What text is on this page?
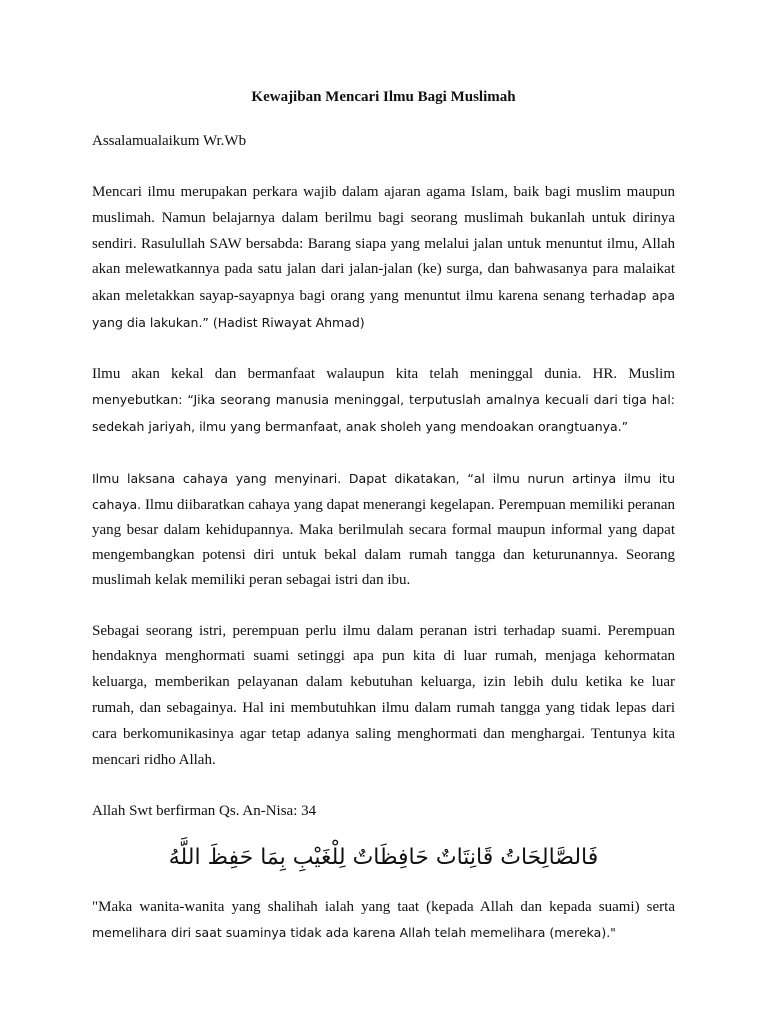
Kewajiban Mencari Ilmu Bagi Muslimah
Assalamualaikum Wr.Wb

Mencari ilmu merupakan perkara wajib dalam ajaran agama Islam, baik bagi muslim maupun muslimah. Namun belajarnya dalam berilmu bagi seorang muslimah bukanlah untuk dirinya sendiri. Rasulullah SAW bersabda: Barang siapa yang melalui jalan untuk menuntut ilmu, Allah akan melewatkannya pada satu jalan dari jalan-jalan (ke) surga, dan bahwasanya para malaikat akan meletakkan sayap-sayapnya bagi orang yang menuntut ilmu karena senang terhadap apa yang dia lakukan.” (Hadist Riwayat Ahmad)

Ilmu akan kekal dan bermanfaat walaupun kita telah meninggal dunia. HR. Muslim menyebutkan: “Jika seorang manusia meninggal, terputuslah amalnya kecuali dari tiga hal: sedekah jariyah, ilmu yang bermanfaat, anak sholeh yang mendoakan orangtuanya.”

Ilmu laksana cahaya yang menyinari. Dapat dikatakan, “al ilmu nurun artinya ilmu itu cahaya. Ilmu diibaratkan cahaya yang dapat menerangi kegelapan. Perempuan memiliki peranan yang besar dalam kehidupannya. Maka berilmulah secara formal maupun informal yang dapat mengembangkan potensi diri untuk bekal dalam rumah tangga dan keturunannya. Seorang muslimah kelak memiliki peran sebagai istri dan ibu.

Sebagai seorang istri, perempuan perlu ilmu dalam peranan istri terhadap suami. Perempuan hendaknya menghormati suami setinggi apa pun kita di luar rumah, menjaga kehormatan keluarga, memberikan pelayanan dalam kebutuhan keluarga, izin lebih dulu ketika ke luar rumah, dan sebagainya. Hal ini membutuhkan ilmu dalam rumah tangga yang tidak lepas dari cara berkomunikasinya agar tetap adanya saling menghormati dan menghargai. Tentunya kita mencari ridho Allah.

Allah Swt berfirman Qs. An-Nisa: 34
فَالصَّالِحَاتُ قَانِتَاتٌ حَافِظَاتٌ لِلْغَيْبِ بِمَا حَفِظَ اللَّهُ

"Maka wanita-wanita yang shalihah ialah yang taat (kepada Allah dan kepada suami) serta memelihara diri saat suaminya tidak ada karena Allah telah memelihara (mereka)."
